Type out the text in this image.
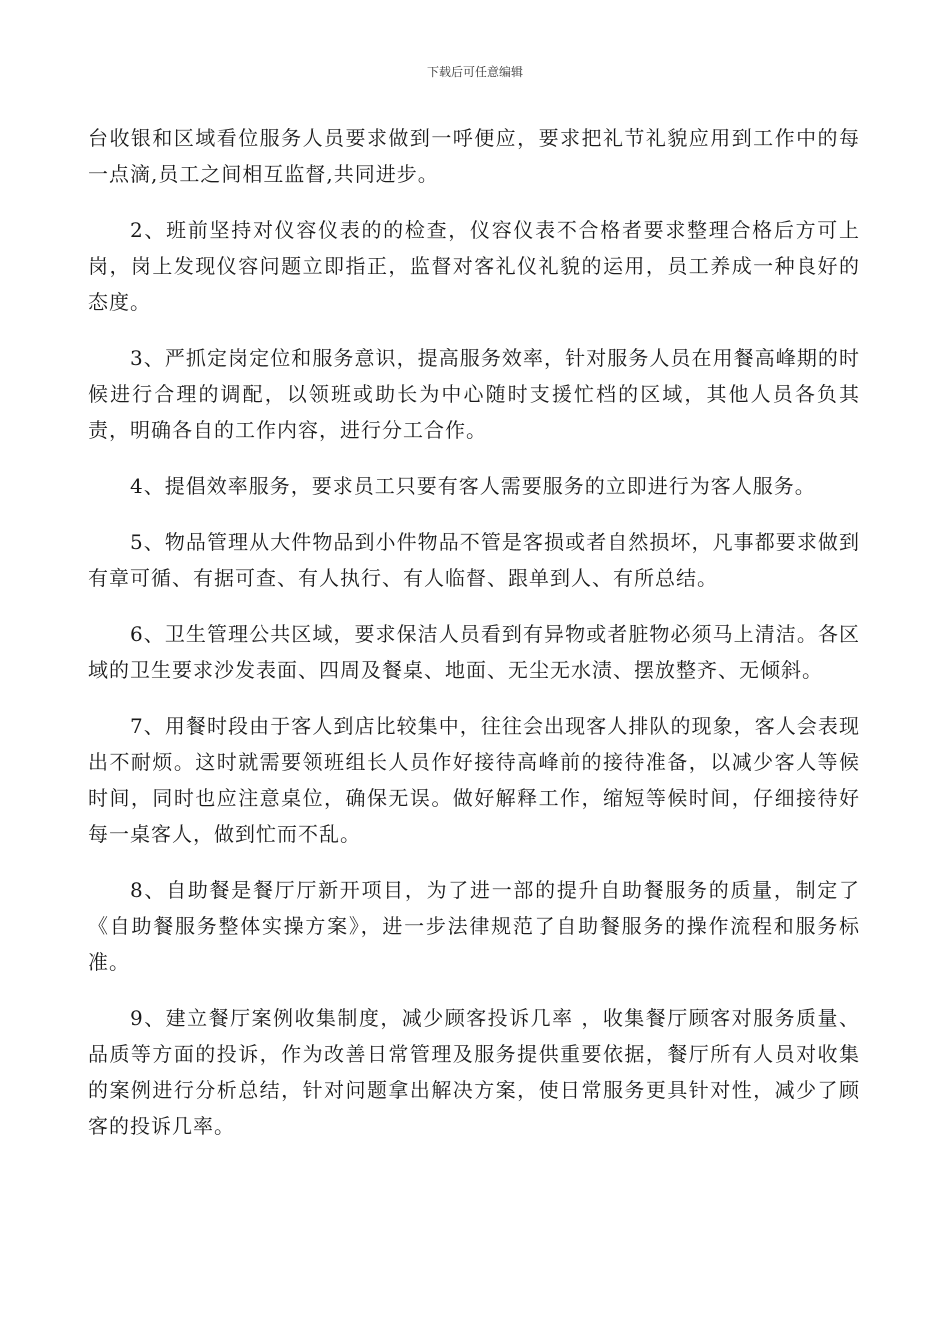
下载后可任意编辑

台收银和区域看位服务人员要求做到一呼便应，要求把礼节礼貌应用到工作中的每一点滴,员工之间相互监督,共同进步。

2、班前坚持对仪容仪表的的检查，仪容仪表不合格者要求整理合格后方可上岗，岗上发现仪容问题立即指正，监督对客礼仪礼貌的运用，员工养成一种良好的态度。

3、严抓定岗定位和服务意识，提高服务效率，针对服务人员在用餐高峰期的时候进行合理的调配，以领班或助长为中心随时支援忙档的区域，其他人员各负其责，明确各自的工作内容，进行分工合作。

4、提倡效率服务，要求员工只要有客人需要服务的立即进行为客人服务。

5、物品管理从大件物品到小件物品不管是客损或者自然损坏，凡事都要求做到有章可循、有据可查、有人执行、有人临督、跟单到人、有所总结。

6、卫生管理公共区域，要求保洁人员看到有异物或者脏物必须马上清洁。各区域的卫生要求沙发表面、四周及餐桌、地面、无尘无水渍、摆放整齐、无倾斜。

7、用餐时段由于客人到店比较集中，往往会出现客人排队的现象，客人会表现出不耐烦。这时就需要领班组长人员作好接待高峰前的接待准备，以减少客人等候时间，同时也应注意桌位，确保无误。做好解释工作，缩短等候时间，仔细接待好每一桌客人，做到忙而不乱。

8、自助餐是餐厅厅新开项目，为了进一部的提升自助餐服务的质量，制定了《自助餐服务整体实操方案》，进一步法律规范了自助餐服务的操作流程和服务标准。

9、建立餐厅案例收集制度，减少顾客投诉几率 ，收集餐厅顾客对服务质量、品质等方面的投诉，作为改善日常管理及服务提供重要依据，餐厅所有人员对收集的案例进行分析总结，针对问题拿出解决方案，使日常服务更具针对性，减少了顾客的投诉几率。
